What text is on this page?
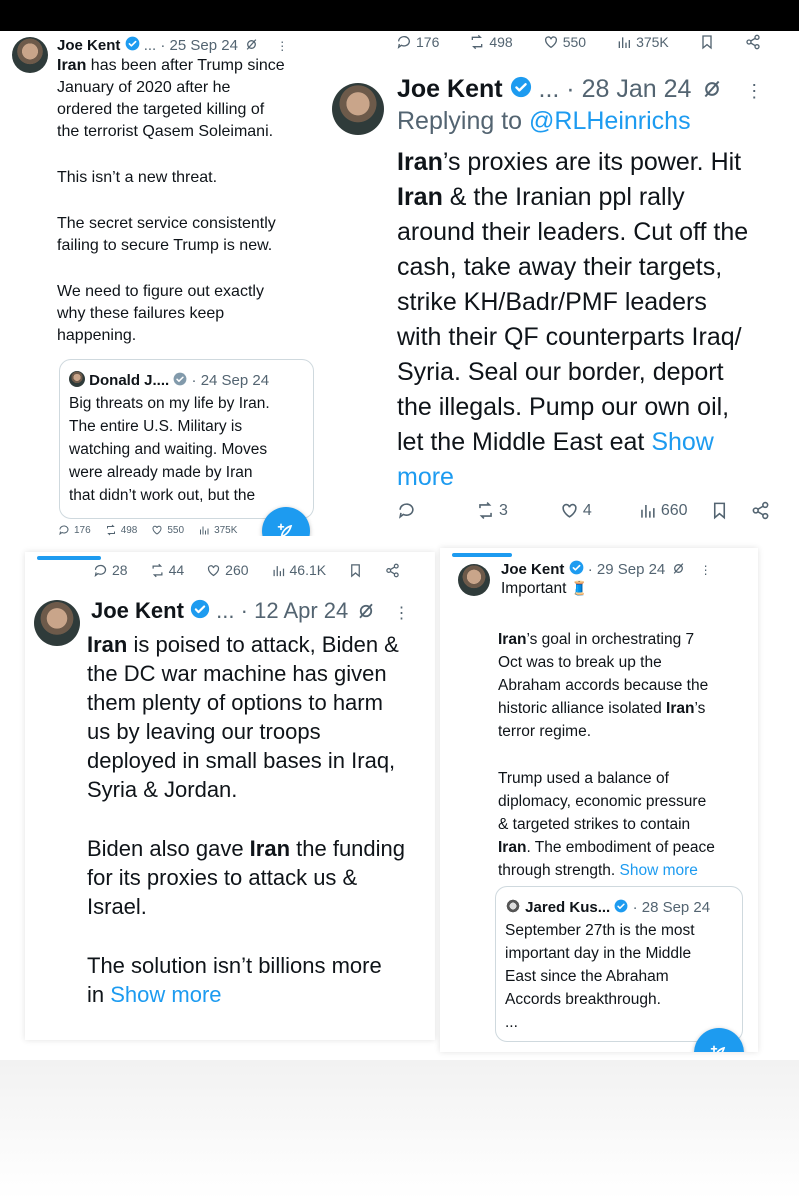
Joe Kent ... · 25 Sep 24	⋮
Iran has been after Trump since
January of 2020 after he
ordered the targeted killing of
the terrorist Qasem Soleimani.
This isn’t a new threat.
The secret service consistently
failing to secure Trump is new.
We need to figure out exactly
why these failures keep
happening.
Donald J.... · 24 Sep 24
Big threats on my life by Iran.
The entire U.S. Military is
watching and waiting. Moves
were already made by Iran
that didn’t work out, but the
176	498	550	375K
176	498	550	375K
Joe Kent ... · 28 Jan 24	⋮
Replying to @RLHeinrichs
Iran’s proxies are its power. Hit
Iran & the Iranian ppl rally
around their leaders. Cut off the
cash, take away their targets,
strike KH/Badr/PMF leaders
with their QF counterparts Iraq/
Syria. Seal our border, deport
the illegals. Pump our own oil,
let the Middle East eat Show
more
3	4	660
28	44	260	46.1K
Joe Kent ... · 12 Apr 24	⋮
Iran is poised to attack, Biden &
the DC war machine has given
them plenty of options to harm
us by leaving our troops
deployed in small bases in Iraq,
Syria & Jordan.
Biden also gave Iran the funding
for its proxies to attack us &
Israel.
The solution isn’t billions more
in Show more
Joe Kent · 29 Sep 24	⋮
Important 🧵
Iran’s goal in orchestrating 7
Oct was to break up the
Abraham accords because the
historic alliance isolated Iran’s
terror regime.
Trump used a balance of
diplomacy, economic pressure
& targeted strikes to contain
Iran. The embodiment of peace
through strength. Show more
Jared Kus... · 28 Sep 24
September 27th is the most
important day in the Middle
East since the Abraham
Accords breakthrough.
...
